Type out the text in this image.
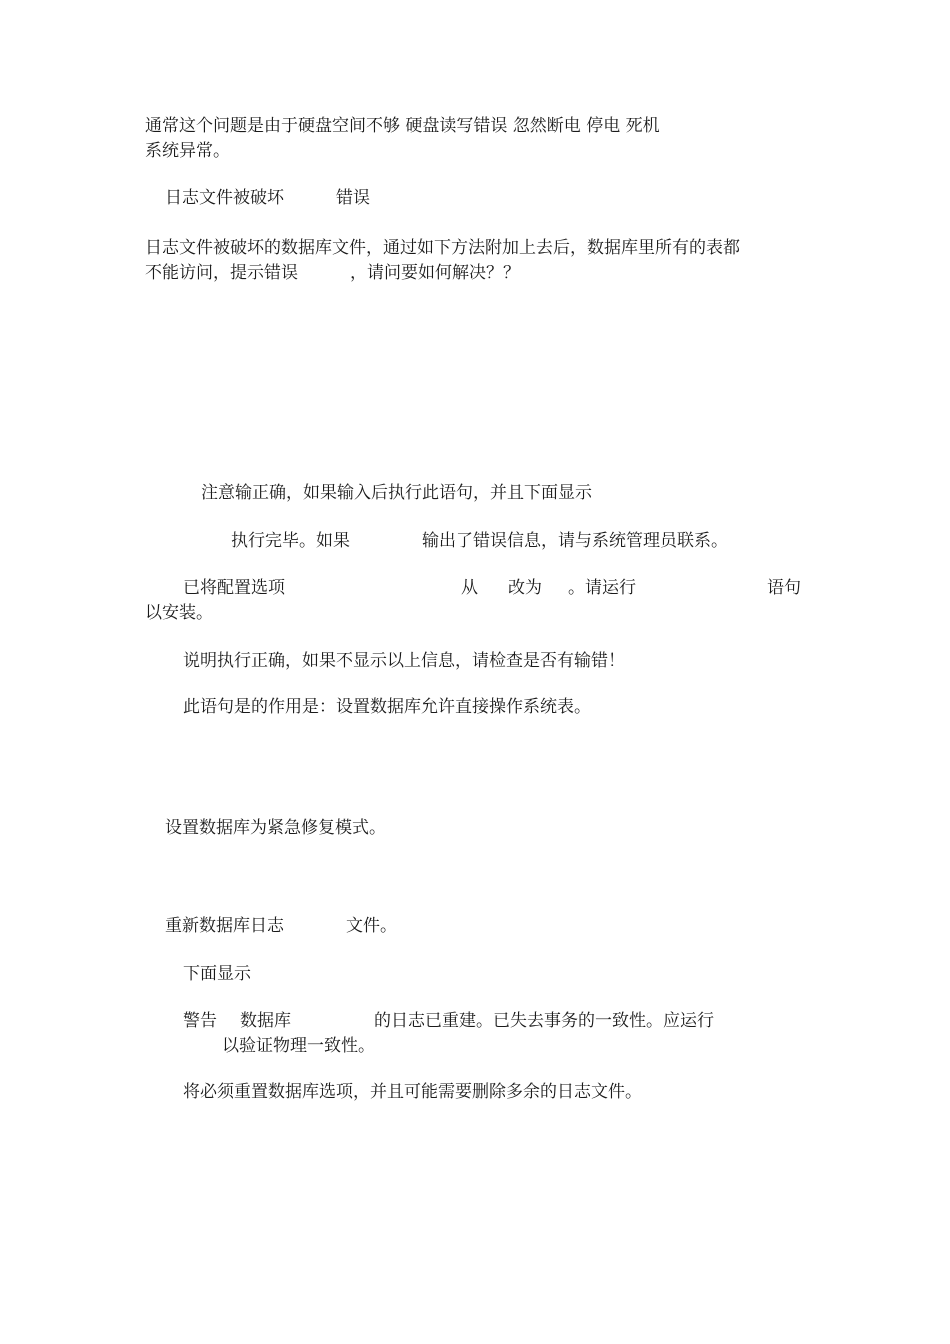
通常这个问题是由于硬盘空间不够 硬盘读写错误 忽然断电 停电 死机
系统异常。
日志文件被破坏	错误
日志文件被破坏的数据库文件，通过如下方法附加上去后，数据库里所有的表都
不能访问，提示错误	，请问要如何解决？？
注意输正确，如果输入后执行此语句，并且下面显示
执行完毕。如果	输出了错误信息，请与系统管理员联系。
已将配置选项	从 改为 。请运行	语句
以安装。
说明执行正确，如果不显示以上信息，请检查是否有输错！
此语句是的作用是：设置数据库允许直接操作系统表。
设置数据库为紧急修复模式。
重新数据库日志	文件。
下面显示
警告 数据库	的日志已重建。已失去事务的一致性。应运行
以验证物理一致性。
将必须重置数据库选项，并且可能需要删除多余的日志文件。
